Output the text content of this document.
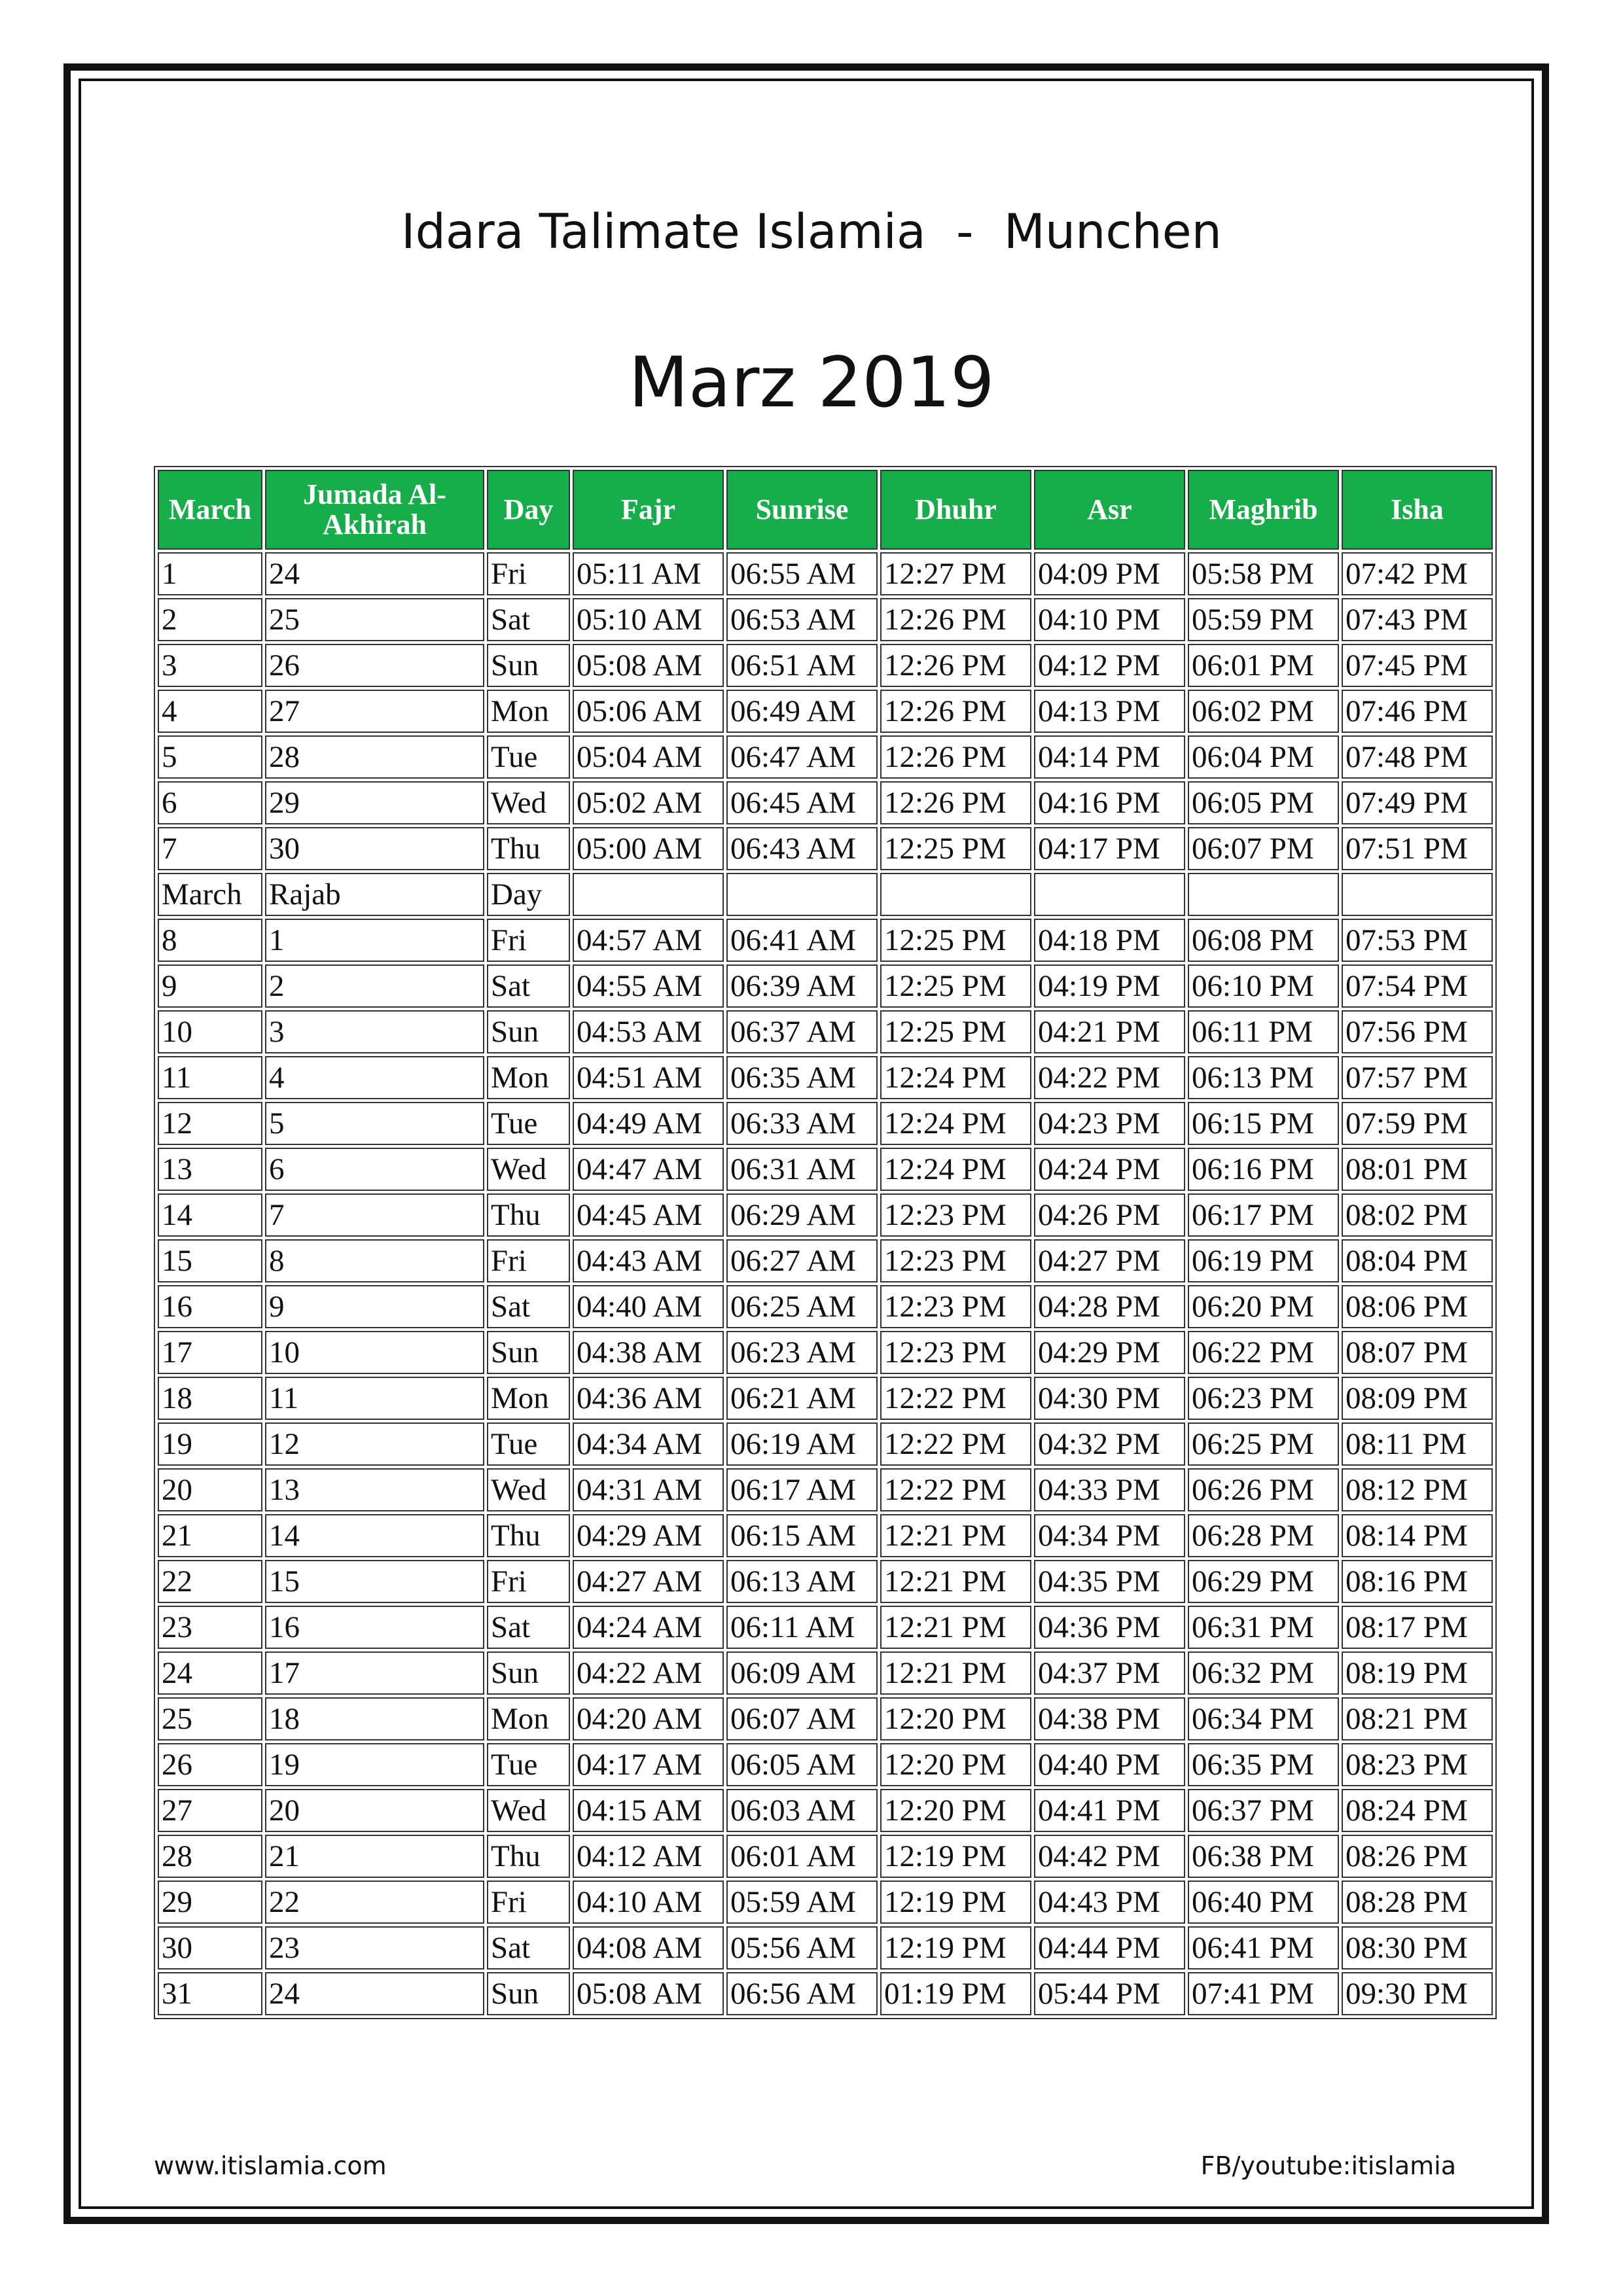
Idara Talimate Islamia  -  Munchen
Marz 2019
March	Jumada Al-Akhirah	Day	Fajr	Sunrise	Dhuhr	Asr	Maghrib	Isha
1	24	Fri	05:11 AM	06:55 AM	12:27 PM	04:09 PM	05:58 PM	07:42 PM
2	25	Sat	05:10 AM	06:53 AM	12:26 PM	04:10 PM	05:59 PM	07:43 PM
3	26	Sun	05:08 AM	06:51 AM	12:26 PM	04:12 PM	06:01 PM	07:45 PM
4	27	Mon	05:06 AM	06:49 AM	12:26 PM	04:13 PM	06:02 PM	07:46 PM
5	28	Tue	05:04 AM	06:47 AM	12:26 PM	04:14 PM	06:04 PM	07:48 PM
6	29	Wed	05:02 AM	06:45 AM	12:26 PM	04:16 PM	06:05 PM	07:49 PM
7	30	Thu	05:00 AM	06:43 AM	12:25 PM	04:17 PM	06:07 PM	07:51 PM
March	Rajab	Day						
8	1	Fri	04:57 AM	06:41 AM	12:25 PM	04:18 PM	06:08 PM	07:53 PM
9	2	Sat	04:55 AM	06:39 AM	12:25 PM	04:19 PM	06:10 PM	07:54 PM
10	3	Sun	04:53 AM	06:37 AM	12:25 PM	04:21 PM	06:11 PM	07:56 PM
11	4	Mon	04:51 AM	06:35 AM	12:24 PM	04:22 PM	06:13 PM	07:57 PM
12	5	Tue	04:49 AM	06:33 AM	12:24 PM	04:23 PM	06:15 PM	07:59 PM
13	6	Wed	04:47 AM	06:31 AM	12:24 PM	04:24 PM	06:16 PM	08:01 PM
14	7	Thu	04:45 AM	06:29 AM	12:23 PM	04:26 PM	06:17 PM	08:02 PM
15	8	Fri	04:43 AM	06:27 AM	12:23 PM	04:27 PM	06:19 PM	08:04 PM
16	9	Sat	04:40 AM	06:25 AM	12:23 PM	04:28 PM	06:20 PM	08:06 PM
17	10	Sun	04:38 AM	06:23 AM	12:23 PM	04:29 PM	06:22 PM	08:07 PM
18	11	Mon	04:36 AM	06:21 AM	12:22 PM	04:30 PM	06:23 PM	08:09 PM
19	12	Tue	04:34 AM	06:19 AM	12:22 PM	04:32 PM	06:25 PM	08:11 PM
20	13	Wed	04:31 AM	06:17 AM	12:22 PM	04:33 PM	06:26 PM	08:12 PM
21	14	Thu	04:29 AM	06:15 AM	12:21 PM	04:34 PM	06:28 PM	08:14 PM
22	15	Fri	04:27 AM	06:13 AM	12:21 PM	04:35 PM	06:29 PM	08:16 PM
23	16	Sat	04:24 AM	06:11 AM	12:21 PM	04:36 PM	06:31 PM	08:17 PM
24	17	Sun	04:22 AM	06:09 AM	12:21 PM	04:37 PM	06:32 PM	08:19 PM
25	18	Mon	04:20 AM	06:07 AM	12:20 PM	04:38 PM	06:34 PM	08:21 PM
26	19	Tue	04:17 AM	06:05 AM	12:20 PM	04:40 PM	06:35 PM	08:23 PM
27	20	Wed	04:15 AM	06:03 AM	12:20 PM	04:41 PM	06:37 PM	08:24 PM
28	21	Thu	04:12 AM	06:01 AM	12:19 PM	04:42 PM	06:38 PM	08:26 PM
29	22	Fri	04:10 AM	05:59 AM	12:19 PM	04:43 PM	06:40 PM	08:28 PM
30	23	Sat	04:08 AM	05:56 AM	12:19 PM	04:44 PM	06:41 PM	08:30 PM
31	24	Sun	05:08 AM	06:56 AM	01:19 PM	05:44 PM	07:41 PM	09:30 PM
www.itislamia.com	FB/youtube:itislamia
